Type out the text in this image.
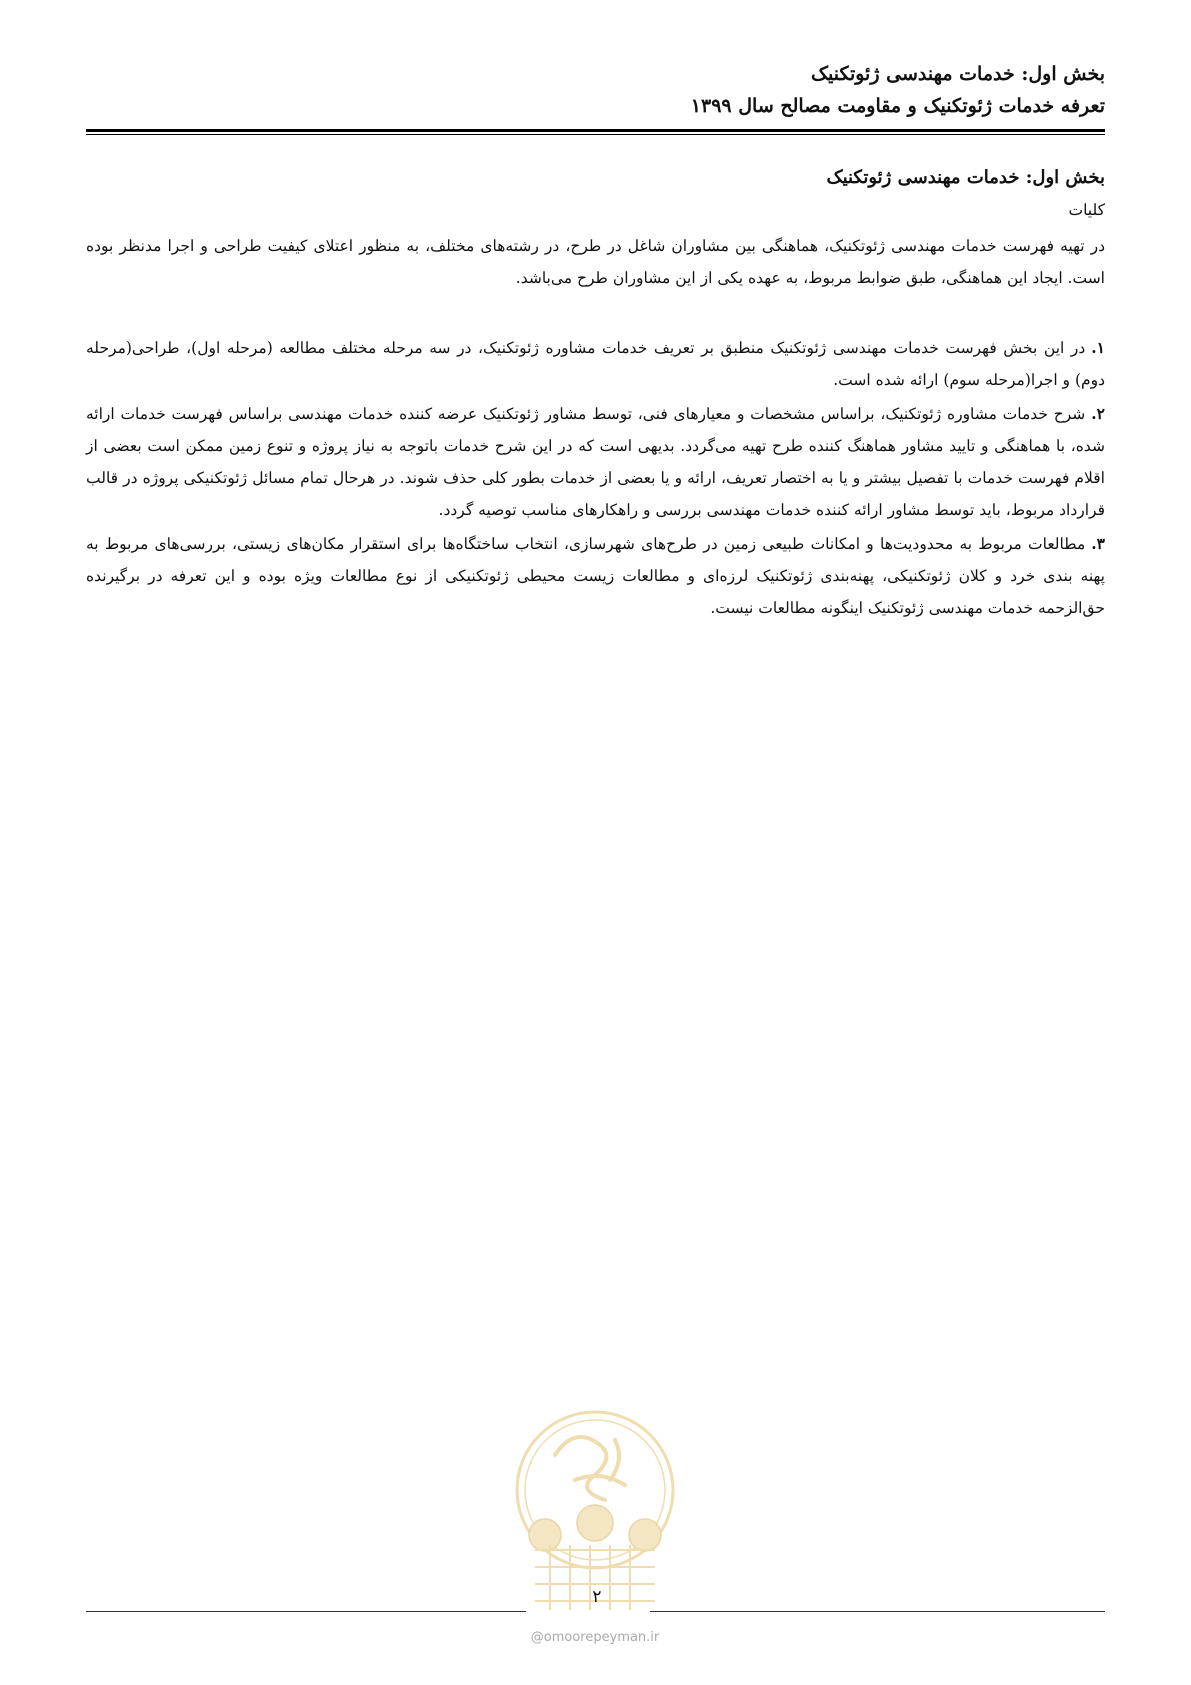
بخش اول: خدمات مهندسی ژئوتکنیک
تعرفه خدمات ژئوتکنیک و مقاومت مصالح سال ۱۳۹۹
بخش اول: خدمات مهندسی ژئوتکنیک
کلیات

در تهیه فهرست خدمات مهندسی ژئوتکنیک، هماهنگی بین مشاوران شاغل در طرح، در رشته‌های مختلف، به منظور اعتلای کیفیت طراحی و اجرا مدنظر بوده است. ایجاد این هماهنگی، طبق ضوابط مربوط، به عهده یکی از این مشاوران طرح می‌باشد.

۱.در این بخش فهرست خدمات مهندسی ژئوتکنیک منطبق بر تعریف خدمات مشاوره ژئوتکنیک، در سه مرحله مختلف مطالعه (مرحله اول)، طراحی(مرحله دوم) و اجرا(مرحله سوم) ارائه شده است.

۲.شرح خدمات مشاوره ژئوتکنیک، براساس مشخصات و معیارهای فنی، توسط مشاور ژئوتکنیک عرضه کننده خدمات مهندسی براساس فهرست خدمات ارائه شده، با هماهنگی و تایید مشاور هماهنگ کننده طرح تهیه می‌گردد. بدیهی است که در این شرح خدمات باتوجه به نیاز پروژه و تنوع زمین ممکن است بعضی از اقلام فهرست خدمات با تفصیل بیشتر و یا به اختصار تعریف، ارائه و یا بعضی از خدمات بطور کلی حذف شوند. در هرحال تمام مسائل ژئوتکنیکی پروژه در قالب قرارداد مربوط، باید توسط مشاور ارائه کننده خدمات مهندسی بررسی و راهکارهای مناسب توصیه گردد.

۳.مطالعات مربوط به محدودیت‌ها و امکانات طبیعی زمین در طرح‌های شهرسازی، انتخاب ساختگاه‌ها برای استقرار مکان‌های زیستی، بررسی‌های مربوط به پهنه بندی خرد و کلان ژئوتکنیکی، پهنه‌بندی ژئوتکنیک لرزه‌ای و مطالعات زیست محیطی ژئوتکنیکی از نوع مطالعات ویژه بوده و این تعرفه در برگیرنده حق‌الزحمه خدمات مهندسی ژئوتکنیک اینگونه مطالعات نیست.

۲
@omoorepeyman.ir
